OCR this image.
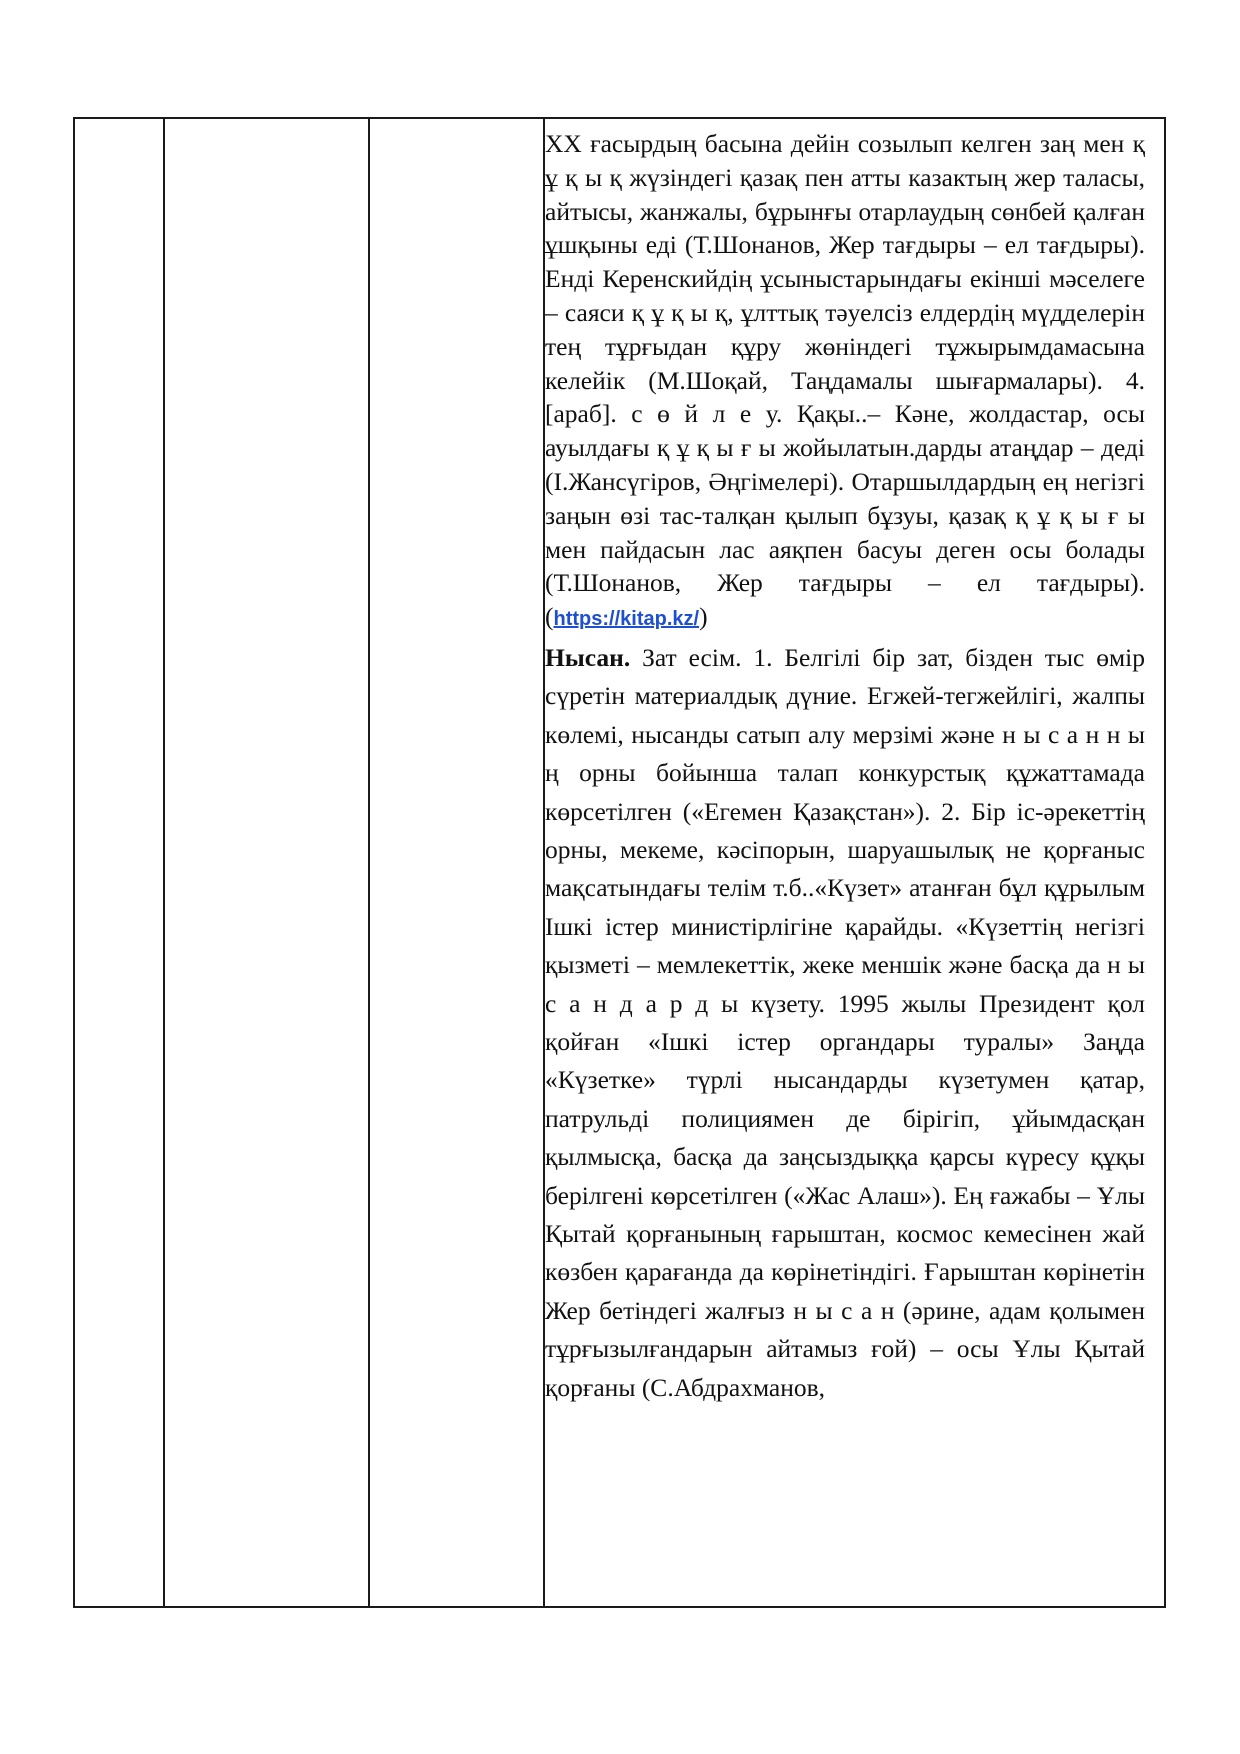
XX ғасырдың басына дейін созылып келген заң мен қ ұ қ ы қ жүзіндегі қазақ пен атты казактың жер таласы, айтысы, жанжалы, бұрынғы отарлаудың сөнбей қалған ұшқыны еді (Т.Шонанов, Жер тағдыры – ел тағдыры). Енді Керенскийдің ұсыныстарындағы екінші мәселеге – саяси қ ұ қ ы қ, ұлттық тәуелсіз елдердің мүдделерін тең тұрғыдан құру жөніндегі тұжырымдамасына келейік (М.Шоқай, Таңдамалы шығармалары). 4. [араб]. с ө й л е у. Қақы..– Кәне, жолдастар, осы ауылдағы қ ұ қ ы ғ ы жойылатын.дарды атаңдар – деді (І.Жансүгіров, Әңгімелері). Отаршылдардың ең негізгі заңын өзі тас-талқан қылып бұзуы, қазақ қ ұ қ ы ғ ы мен пайдасын лас аяқпен басуы деген осы болады (Т.Шонанов, Жер тағдыры – ел тағдыры). (https://kitap.kz/)

Нысан. Зат есім. 1. Белгілі бір зат, бізден тыс өмір сүретін материалдық дүние. Егжей-тегжейлігі, жалпы көлемі, нысанды сатып алу мерзімі және н ы с а н н ы ң орны бойынша талап конкурстық құжаттамада көрсетілген («Егемен Қазақстан»). 2. Бір іс-әрекеттің орны, мекеме, кәсіпорын, шаруашылық не қорғаныс мақсатындағы телім т.б..«Күзет» атанған бұл құрылым Ішкі істер министірлігіне қарайды. «Күзеттің негізгі қызметі – мемлекеттік, жеке меншік және басқа да н ы с а н д а р д ы күзету. 1995 жылы Президент қол қойған «Ішкі істер органдары туралы» Заңда «Күзетке» түрлі нысандарды күзетумен қатар, патрульді полициямен де бірігіп, ұйымдасқан қылмысқа, басқа да заңсыздыққа қарсы күресу құқы берілгені көрсетілген («Жас Алаш»). Ең ғажабы – Ұлы Қытай қорғанының ғарыштан, космос кемесінен жай көзбен қарағанда да көрінетіндігі. Ғарыштан көрінетін Жер бетіндегі жалғыз н ы с а н (әрине, адам қолымен тұрғызылғандарын айтамыз ғой) – осы Ұлы Қытай қорғаны (С.Абдрахманов,
